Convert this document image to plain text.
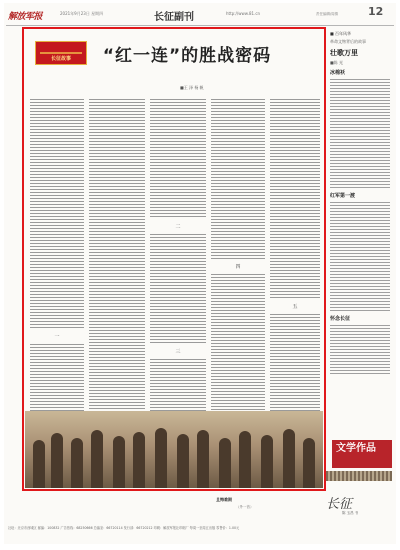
解放军报	2021年9月23日 星期四	长征副刊	http://www.81.cn	责任编辑/周倩	12
长征故事	“红一连”的胜战密码
■王 泽 杨 帆
一
二
三
四
五
■ 百年风华
革命文物背后的故事
壮歌万里
■陈 光
冰棉袄
红军第一渡
怀念长征
文学作品
且悔难期
（外一首）	长征
陈 玉昌 书
社址：北京市西城区 邮编：100832 广告热线：68250666 总编室：66720114 发行部：66720212 印刷：解放军报社印刷厂 每周一至周五出版 零售价：1.00元
